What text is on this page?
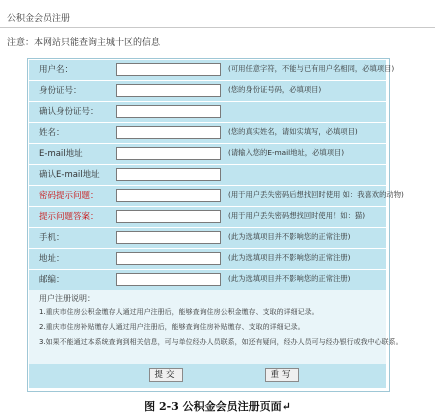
公积金会员注册
注意：本网站只能查询主城十区的信息
用户名：	(可用任意字符，不能与已有用户名相同，必填项目)
身份证号：	(您的身份证号码，必填项目)
确认身份证号：
姓名：	(您的真实姓名，请如实填写，必填项目)
E-mail地址	(请输入您的E-mail地址，必填项目)
确认E-mail地址
密码提示问题：	(用于用户丢失密码后想找回时使用 如：我喜欢的动物)
提示问题答案：	(用于用户丢失密码想找回时使用！如：猫)
手机：	(此为选填项目并不影响您的正常注册)
地址：	(此为选填项目并不影响您的正常注册)
邮编：	(此为选填项目并不影响您的正常注册)
用户注册说明：
1.重庆市住房公积金缴存人通过用户注册后，能够查询住房公积金缴存、支取的详细记录。
2.重庆市住房补贴缴存人通过用户注册后，能够查询住房补贴缴存、支取的详细记录。
3.如果不能通过本系统查询到相关信息，可与单位经办人员联系，如还有疑问，经办人员可与经办银行或我中心联系。
提交	重写
图 2-3 公积金会员注册页面↵
